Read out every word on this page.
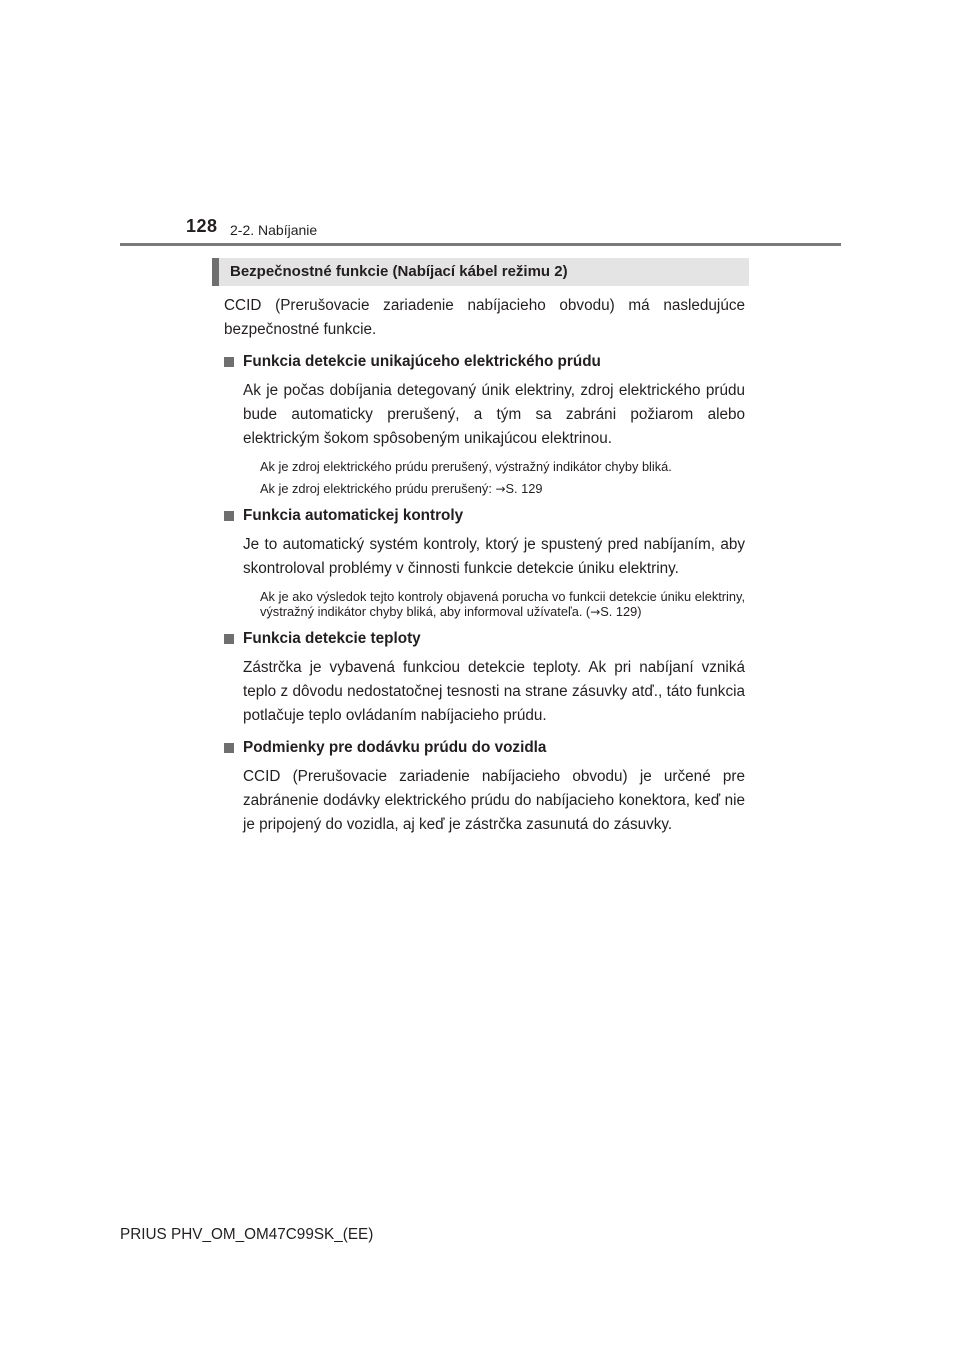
128 2-2. Nabíjanie
Bezpečnostné funkcie (Nabíjací kábel režimu 2)

CCID (Prerušovacie zariadenie nabíjacieho obvodu) má nasledujúce bezpečnostné funkcie.

Funkcia detekcie unikajúceho elektrického prúdu

Ak je počas dobíjania detegovaný únik elektriny, zdroj elektrického prúdu bude automaticky prerušený, a tým sa zabráni požiarom alebo elektrickým šokom spôsobeným unikajúcou elektrinou.

Ak je zdroj elektrického prúdu prerušený, výstražný indikátor chyby bliká.

Ak je zdroj elektrického prúdu prerušený: →S. 129

Funkcia automatickej kontroly

Je to automatický systém kontroly, ktorý je spustený pred nabíjaním, aby skontroloval problémy v činnosti funkcie detekcie úniku elektriny.

Ak je ako výsledok tejto kontroly objavená porucha vo funkcii detekcie úniku elektriny, výstražný indikátor chyby bliká, aby informoval užívateľa. (→S. 129)

Funkcia detekcie teploty

Zástrčka je vybavená funkciou detekcie teploty. Ak pri nabíjaní vzniká teplo z dôvodu nedostatočnej tesnosti na strane zásuvky atď., táto funkcia potlačuje teplo ovládaním nabíjacieho prúdu.

Podmienky pre dodávku prúdu do vozidla

CCID (Prerušovacie zariadenie nabíjacieho obvodu) je určené pre zabránenie dodávky elektrického prúdu do nabíjacieho konektora, keď nie je pripojený do vozidla, aj keď je zástrčka zasunutá do zásuvky.

PRIUS PHV_OM_OM47C99SK_(EE)
